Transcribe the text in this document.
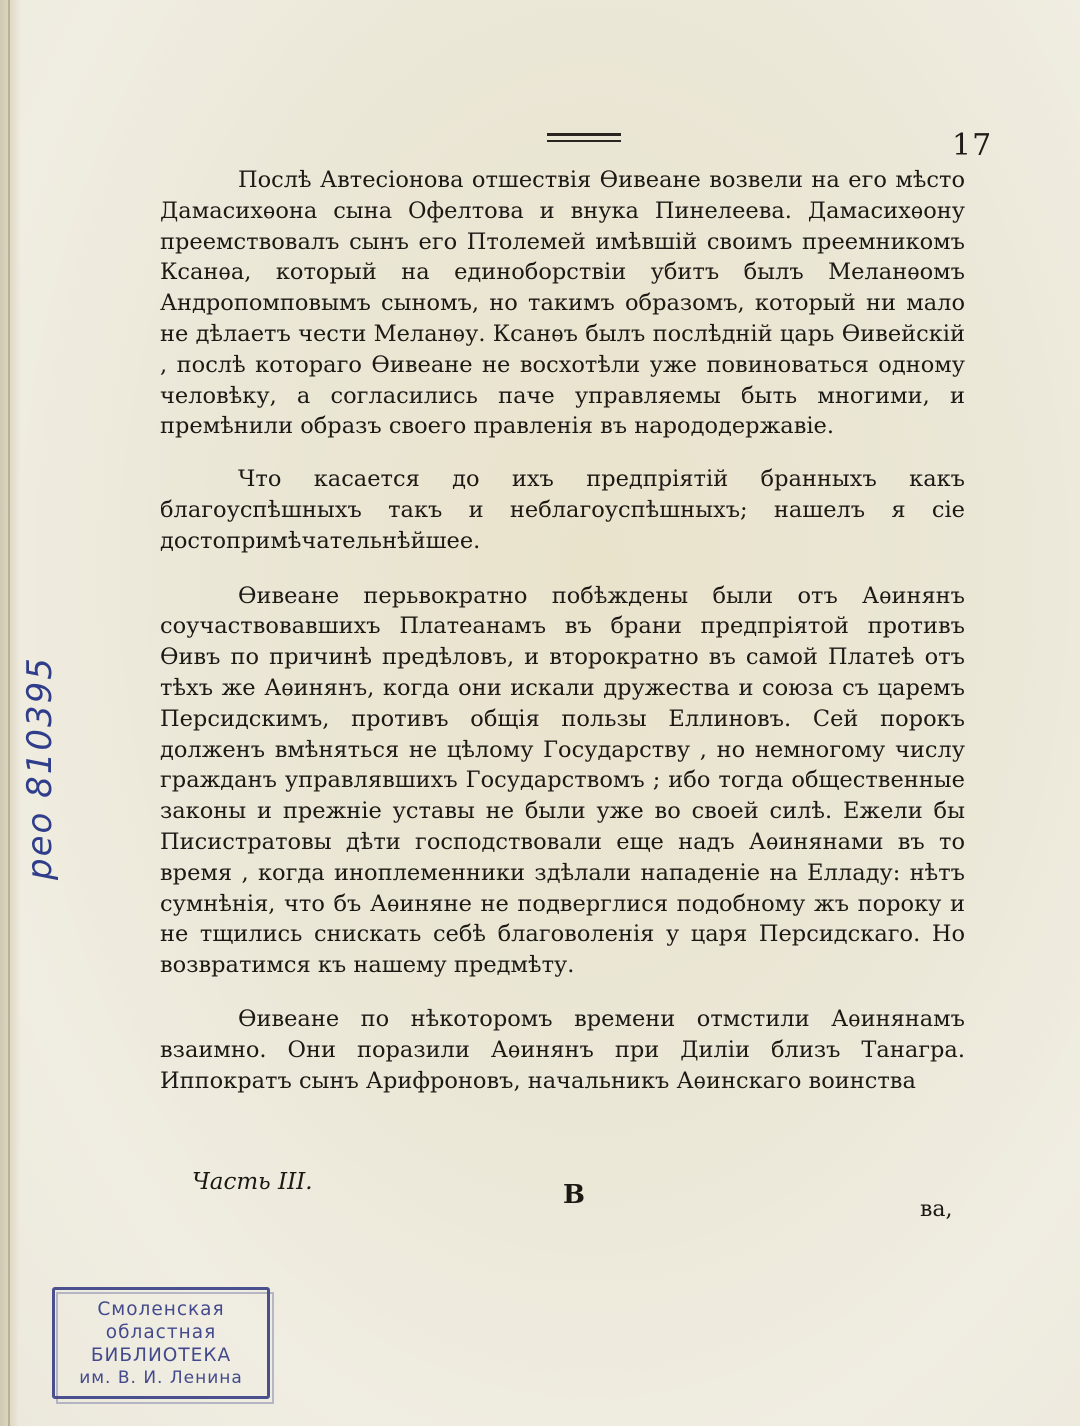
17

Послѣ Автесіонова отшествія Ѳивеане возвели на его мѣсто Дамасихѳона сына Офелтова и внука Пинелеева. Дамасихѳону преемствовалъ сынъ его Птолемей имѣвшій своимъ преемникомъ Ксанѳа, который на единоборствіи убитъ былъ Меланѳомъ Андропомповымъ сыномъ, но такимъ образомъ, который ни мало не дѣлаетъ чести Меланѳу. Ксанѳъ былъ послѣдній царь Ѳивейскій , послѣ котораго Ѳивеане не восхотѣли уже повиноваться одному человѣку, а согласились паче управляемы быть многими, и премѣнили образъ своего правленія въ народодержавіе.

Что касается до ихъ предпріятій бранныхъ какъ благоуспѣшныхъ такъ и неблагоуспѣшныхъ; нашелъ я сіе достопримѣчательнѣйшее.

Ѳивеане перьвократно побѣждены были отъ Аѳинянъ соучаствовавшихъ Платеанамъ въ брани предпріятой противъ Ѳивъ по причинѣ предѣловъ, и вторократно въ самой Платеѣ отъ тѣхъ же Аѳинянъ, когда они искали дружества и союза съ царемъ Персидскимъ, противъ общія пользы Еллиновъ. Сей порокъ долженъ вмѣняться не цѣлому Государству , но немногому числу гражданъ управлявшихъ Государствомъ ; ибо тогда общественные законы и прежніе уставы не были уже во своей силѣ. Ежели бы Писистратовы дѣти господствовали еще надъ Аѳинянами въ то время , когда иноплеменники здѣлали нападеніе на Елладу: нѣтъ сумнѣнія, что бъ Аѳиняне не подверглися подобному жъ пороку и не тщились снискать себѣ благоволенія у царя Персидскаго. Но возвратимся къ нашему предмѣту.

Ѳивеане по нѣкоторомъ времени отмстили Аѳинянамъ взаимно. Они поразили Аѳинянъ при Диліи близъ Танагра. Иппократъ сынъ Арифроновъ, начальникъ Аѳинскаго воинства

Часть III.	В	ва,
рео 810395
Смоленская
областная
БИБЛИОТЕКА
им. В. И. Ленина
